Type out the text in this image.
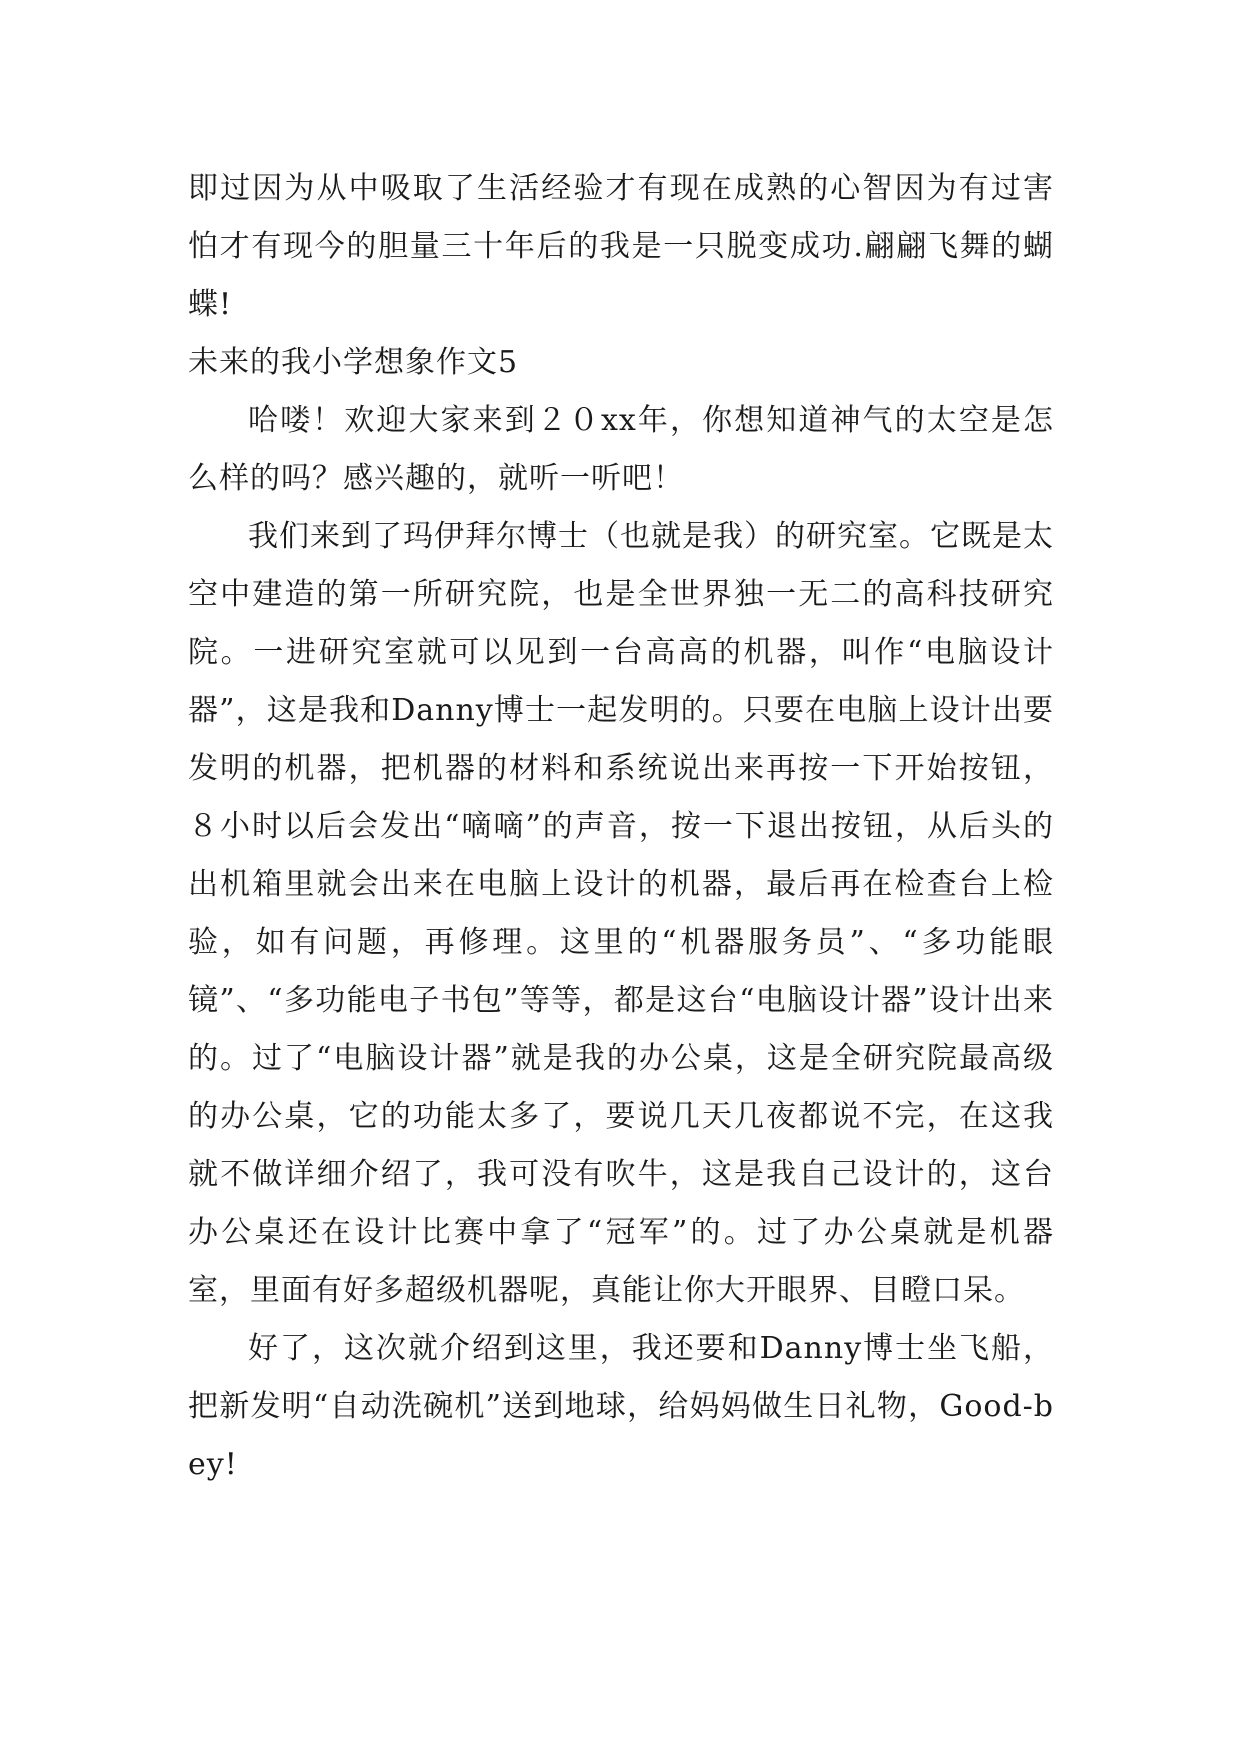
即过因为从中吸取了生活经验才有现在成熟的心智因为有过害怕才有现今的胆量三十年后的我是一只脱变成功.翩翩飞舞的蝴蝶!

未来的我小学想象作文5

哈喽！欢迎大家来到２０xx年，你想知道神气的太空是怎么样的吗？感兴趣的，就听一听吧！

我们来到了玛伊拜尔博士（也就是我）的研究室。它既是太空中建造的第一所研究院，也是全世界独一无二的高科技研究院。一进研究室就可以见到一台高高的机器，叫作“电脑设计器”，这是我和Danny博士一起发明的。只要在电脑上设计出要发明的机器，把机器的材料和系统说出来再按一下开始按钮，８小时以后会发出“嘀嘀”的声音，按一下退出按钮，从后头的出机箱里就会出来在电脑上设计的机器，最后再在检查台上检验，如有问题，再修理。这里的“机器服务员”、“多功能眼镜”、“多功能电子书包”等等，都是这台“电脑设计器”设计出来的。过了“电脑设计器”就是我的办公桌，这是全研究院最高级的办公桌，它的功能太多了，要说几天几夜都说不完，在这我就不做详细介绍了，我可没有吹牛，这是我自己设计的，这台办公桌还在设计比赛中拿了“冠军”的。过了办公桌就是机器室，里面有好多超级机器呢，真能让你大开眼界、目瞪口呆。

好了，这次就介绍到这里，我还要和Danny博士坐飞船，把新发明“自动洗碗机”送到地球，给妈妈做生日礼物，Good-bey!
